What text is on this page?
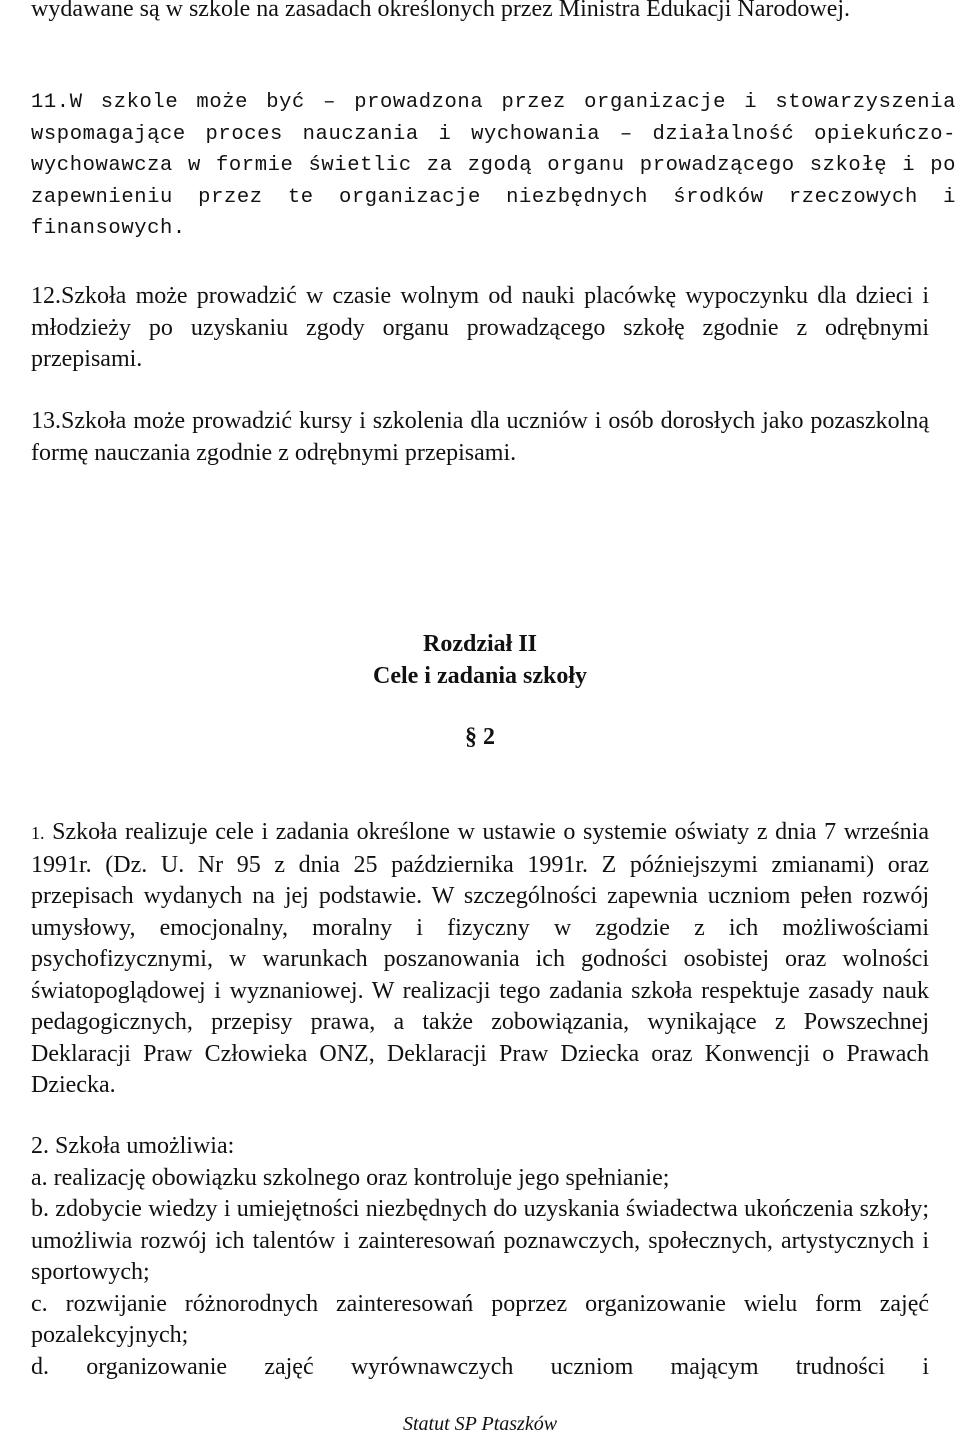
wydawane są w szkole na zasadach określonych przez Ministra Edukacji Narodowej.

11.W szkole może być – prowadzona przez organizacje i stowarzyszenia wspomagające proces nauczania i wychowania – działalność opiekuńczo-wychowawcza w formie świetlic za zgodą organu prowadzącego szkołę i po zapewnieniu przez te organizacje niezbędnych środków rzeczowych i finansowych.

12.Szkoła może prowadzić w czasie wolnym od nauki placówkę wypoczynku dla dzieci i młodzieży po uzyskaniu zgody organu prowadzącego szkołę zgodnie z odrębnymi przepisami.

13.Szkoła może prowadzić kursy i szkolenia dla uczniów i osób dorosłych jako pozaszkolną formę nauczania zgodnie z odrębnymi przepisami.

Rozdział II

Cele i zadania szkoły

§ 2

1. Szkoła realizuje cele i zadania określone w ustawie o systemie oświaty z dnia 7 września 1991r. (Dz. U. Nr 95 z dnia 25 października 1991r. Z późniejszymi zmianami) oraz przepisach wydanych na jej podstawie. W szczególności zapewnia uczniom pełen rozwój umysłowy, emocjonalny, moralny i fizyczny w zgodzie z ich możliwościami psychofizycznymi, w warunkach poszanowania ich godności osobistej oraz wolności światopoglądowej i wyznaniowej. W realizacji tego zadania szkoła respektuje zasady nauk pedagogicznych, przepisy prawa, a także zobowiązania, wynikające z Powszechnej Deklaracji Praw Człowieka ONZ, Deklaracji Praw Dziecka oraz Konwencji o Prawach Dziecka.

2. Szkoła umożliwia:

a. realizację obowiązku szkolnego oraz kontroluje jego spełnianie;

b. zdobycie wiedzy i umiejętności niezbędnych do uzyskania świadectwa ukończenia szkoły; umożliwia rozwój ich talentów i zainteresowań poznawczych, społecznych, artystycznych i sportowych;

c. rozwijanie różnorodnych zainteresowań poprzez organizowanie wielu form zajęć pozalekcyjnych;

d. organizowanie zajęć wyrównawczych uczniom mającym trudności i

Statut SP Ptaszków
